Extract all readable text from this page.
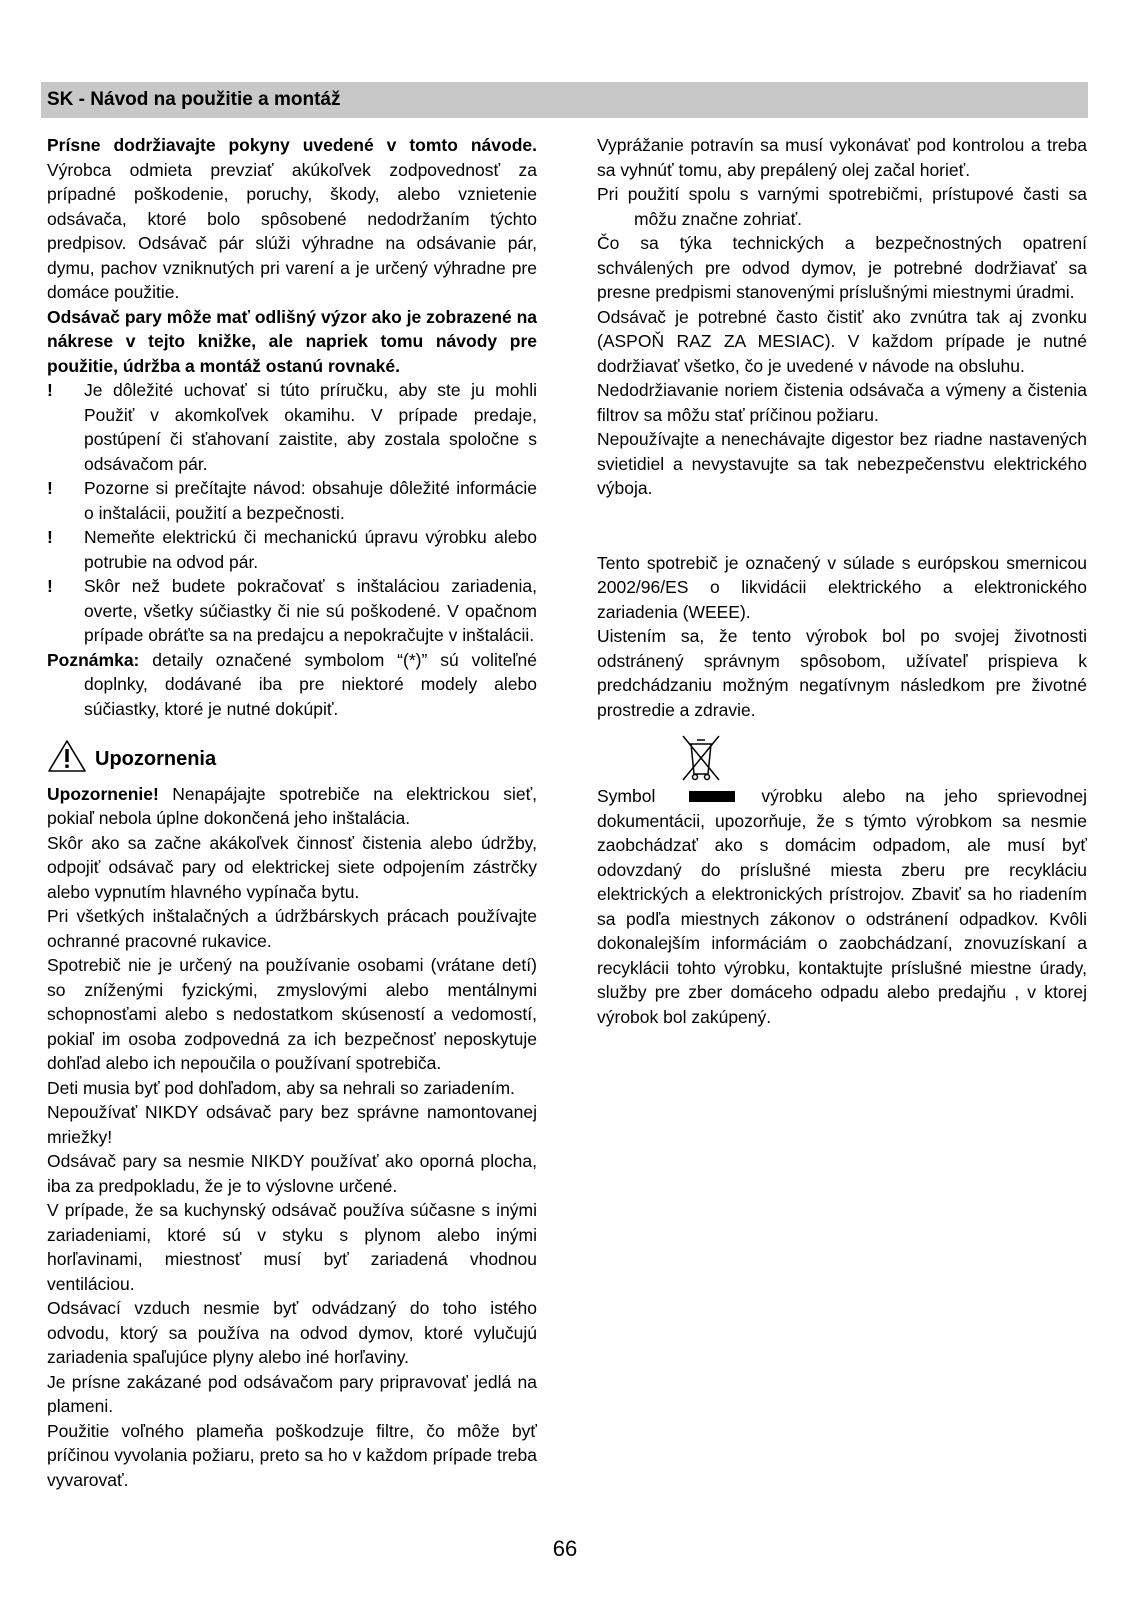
SK - Návod na použitie a montáž

Prísne dodržiavajte pokyny uvedené v tomto návode. Výrobca odmieta prevziať akúkoľvek zodpovednosť za prípadné poškodenie, poruchy, škody, alebo vznietenie odsávača, ktoré bolo spôsobené nedodržaním týchto predpisov. Odsávač pár slúži výhradne na odsávanie pár, dymu, pachov vzniknutých pri varení a je určený výhradne pre domáce použitie.

Odsávač pary môže mať odlišný výzor ako je zobrazené na nákrese v tejto knižke, ale napriek tomu návody pre použitie, údržba a montáž ostanú rovnaké.

!	Je dôležité uchovať si túto príručku, aby ste ju mohli Použiť v akomkoľvek okamihu. V prípade predaje, postúpení či sťahovaní zaistite, aby zostala spoločne s odsávačom pár.
!	Pozorne si prečítajte návod: obsahuje dôležité informácie o inštalácii, použití a bezpečnosti.
!	Nemeňte elektrickú či mechanickú úpravu výrobku alebo potrubie na odvod pár.
!	Skôr než budete pokračovať s inštaláciou zariadenia, overte, všetky súčiastky či nie sú poškodené. V opačnom prípade obráťte sa na predajcu a nepokračujte v inštalácii.

Poznámka: detaily označené symbolom “(*)” sú voliteľné doplnky, dodávané iba pre niektoré modely alebo súčiastky, ktoré je nutné dokúpiť.

Upozornenia

Upozornenie! Nenapájajte spotrebiče na elektrickou sieť, pokiaľ nebola úplne dokončená jeho inštalácia.

Skôr ako sa začne akákoľvek činnosť čistenia alebo údržby, odpojiť odsávač pary od elektrickej siete odpojením zástrčky alebo vypnutím hlavného vypínača bytu.

Pri všetkých inštalačných a údržbárskych prácach používajte ochranné pracovné rukavice.

Spotrebič nie je určený na používanie osobami (vrátane detí) so zníženými fyzickými, zmyslovými alebo mentálnymi schopnosťami alebo s nedostatkom skúseností a vedomostí, pokiaľ im osoba zodpovedná za ich bezpečnosť neposkytuje dohľad alebo ich nepoučila o používaní spotrebiča.

Deti musia byť pod dohľadom, aby sa nehrali so zariadením.

Nepoužívať NIKDY odsávač pary bez správne namontovanej mriežky!

Odsávač pary sa nesmie NIKDY používať ako oporná plocha, iba za predpokladu, že je to výslovne určené.

V prípade, že sa kuchynský odsávač používa súčasne s inými zariadeniami, ktoré sú v styku s plynom alebo inými horľavinami, miestnosť musí byť zariadená vhodnou ventiláciou.

Odsávací vzduch nesmie byť odvádzaný do toho istého odvodu, ktorý sa používa na odvod dymov, ktoré vylučujú zariadenia spaľujúce plyny alebo iné horľaviny.

Je prísne zakázané pod odsávačom pary pripravovať jedlá na plameni.

Použitie voľného plameňa poškodzuje filtre, čo môže byť príčinou vyvolania požiaru, preto sa ho v každom prípade treba vyvarovať.

Vyprážanie potravín sa musí vykonávať pod kontrolou a treba sa vyhnúť tomu, aby prepálený olej začal horieť.

Pri použití spolu s varnými spotrebičmi, prístupové časti sa môžu značne zohriať.

Čo sa týka technických a bezpečnostných opatrení schválených pre odvod dymov, je potrebné dodržiavať sa presne predpismi stanovenými príslušnými miestnymi úradmi.

Odsávač je potrebné často čistiť ako zvnútra tak aj zvonku (ASPOŇ RAZ ZA MESIAC). V každom prípade je nutné dodržiavať všetko, čo je uvedené v návode na obsluhu.

Nedodržiavanie noriem čistenia odsávača a výmeny a čistenia filtrov sa môžu stať príčinou požiaru.

Nepoužívajte a nenechávajte digestor bez riadne nastavených svietidiel a nevystavujte sa tak nebezpečenstvu elektrického výboja.

Tento spotrebič je označený v súlade s európskou smernicou 2002/96/ES o likvidácii elektrického a elektronického zariadenia (WEEE).

Uistením sa, že tento výrobok bol po svojej životnosti odstránený správnym spôsobom, užívateľ prispieva k predchádzaniu možným negatívnym následkom pre životné prostredie a zdravie.

Symbol	výrobku alebo na jeho sprievodnej

dokumentácii, upozorňuje, že s týmto výrobkom sa nesmie zaobchádzať ako s domácim odpadom, ale musí byť odovzdaný do príslušné miesta zberu pre recykláciu elektrických a elektronických prístrojov. Zbaviť sa ho riadením sa podľa miestnych zákonov o odstránení odpadkov. Kvôli dokonalejším informáciám o zaobchádzaní, znovuzískaní a recyklácii tohto výrobku, kontaktujte príslušné miestne úrady, služby pre zber domáceho odpadu alebo predajňu , v ktorej výrobok bol zakúpený.

66
